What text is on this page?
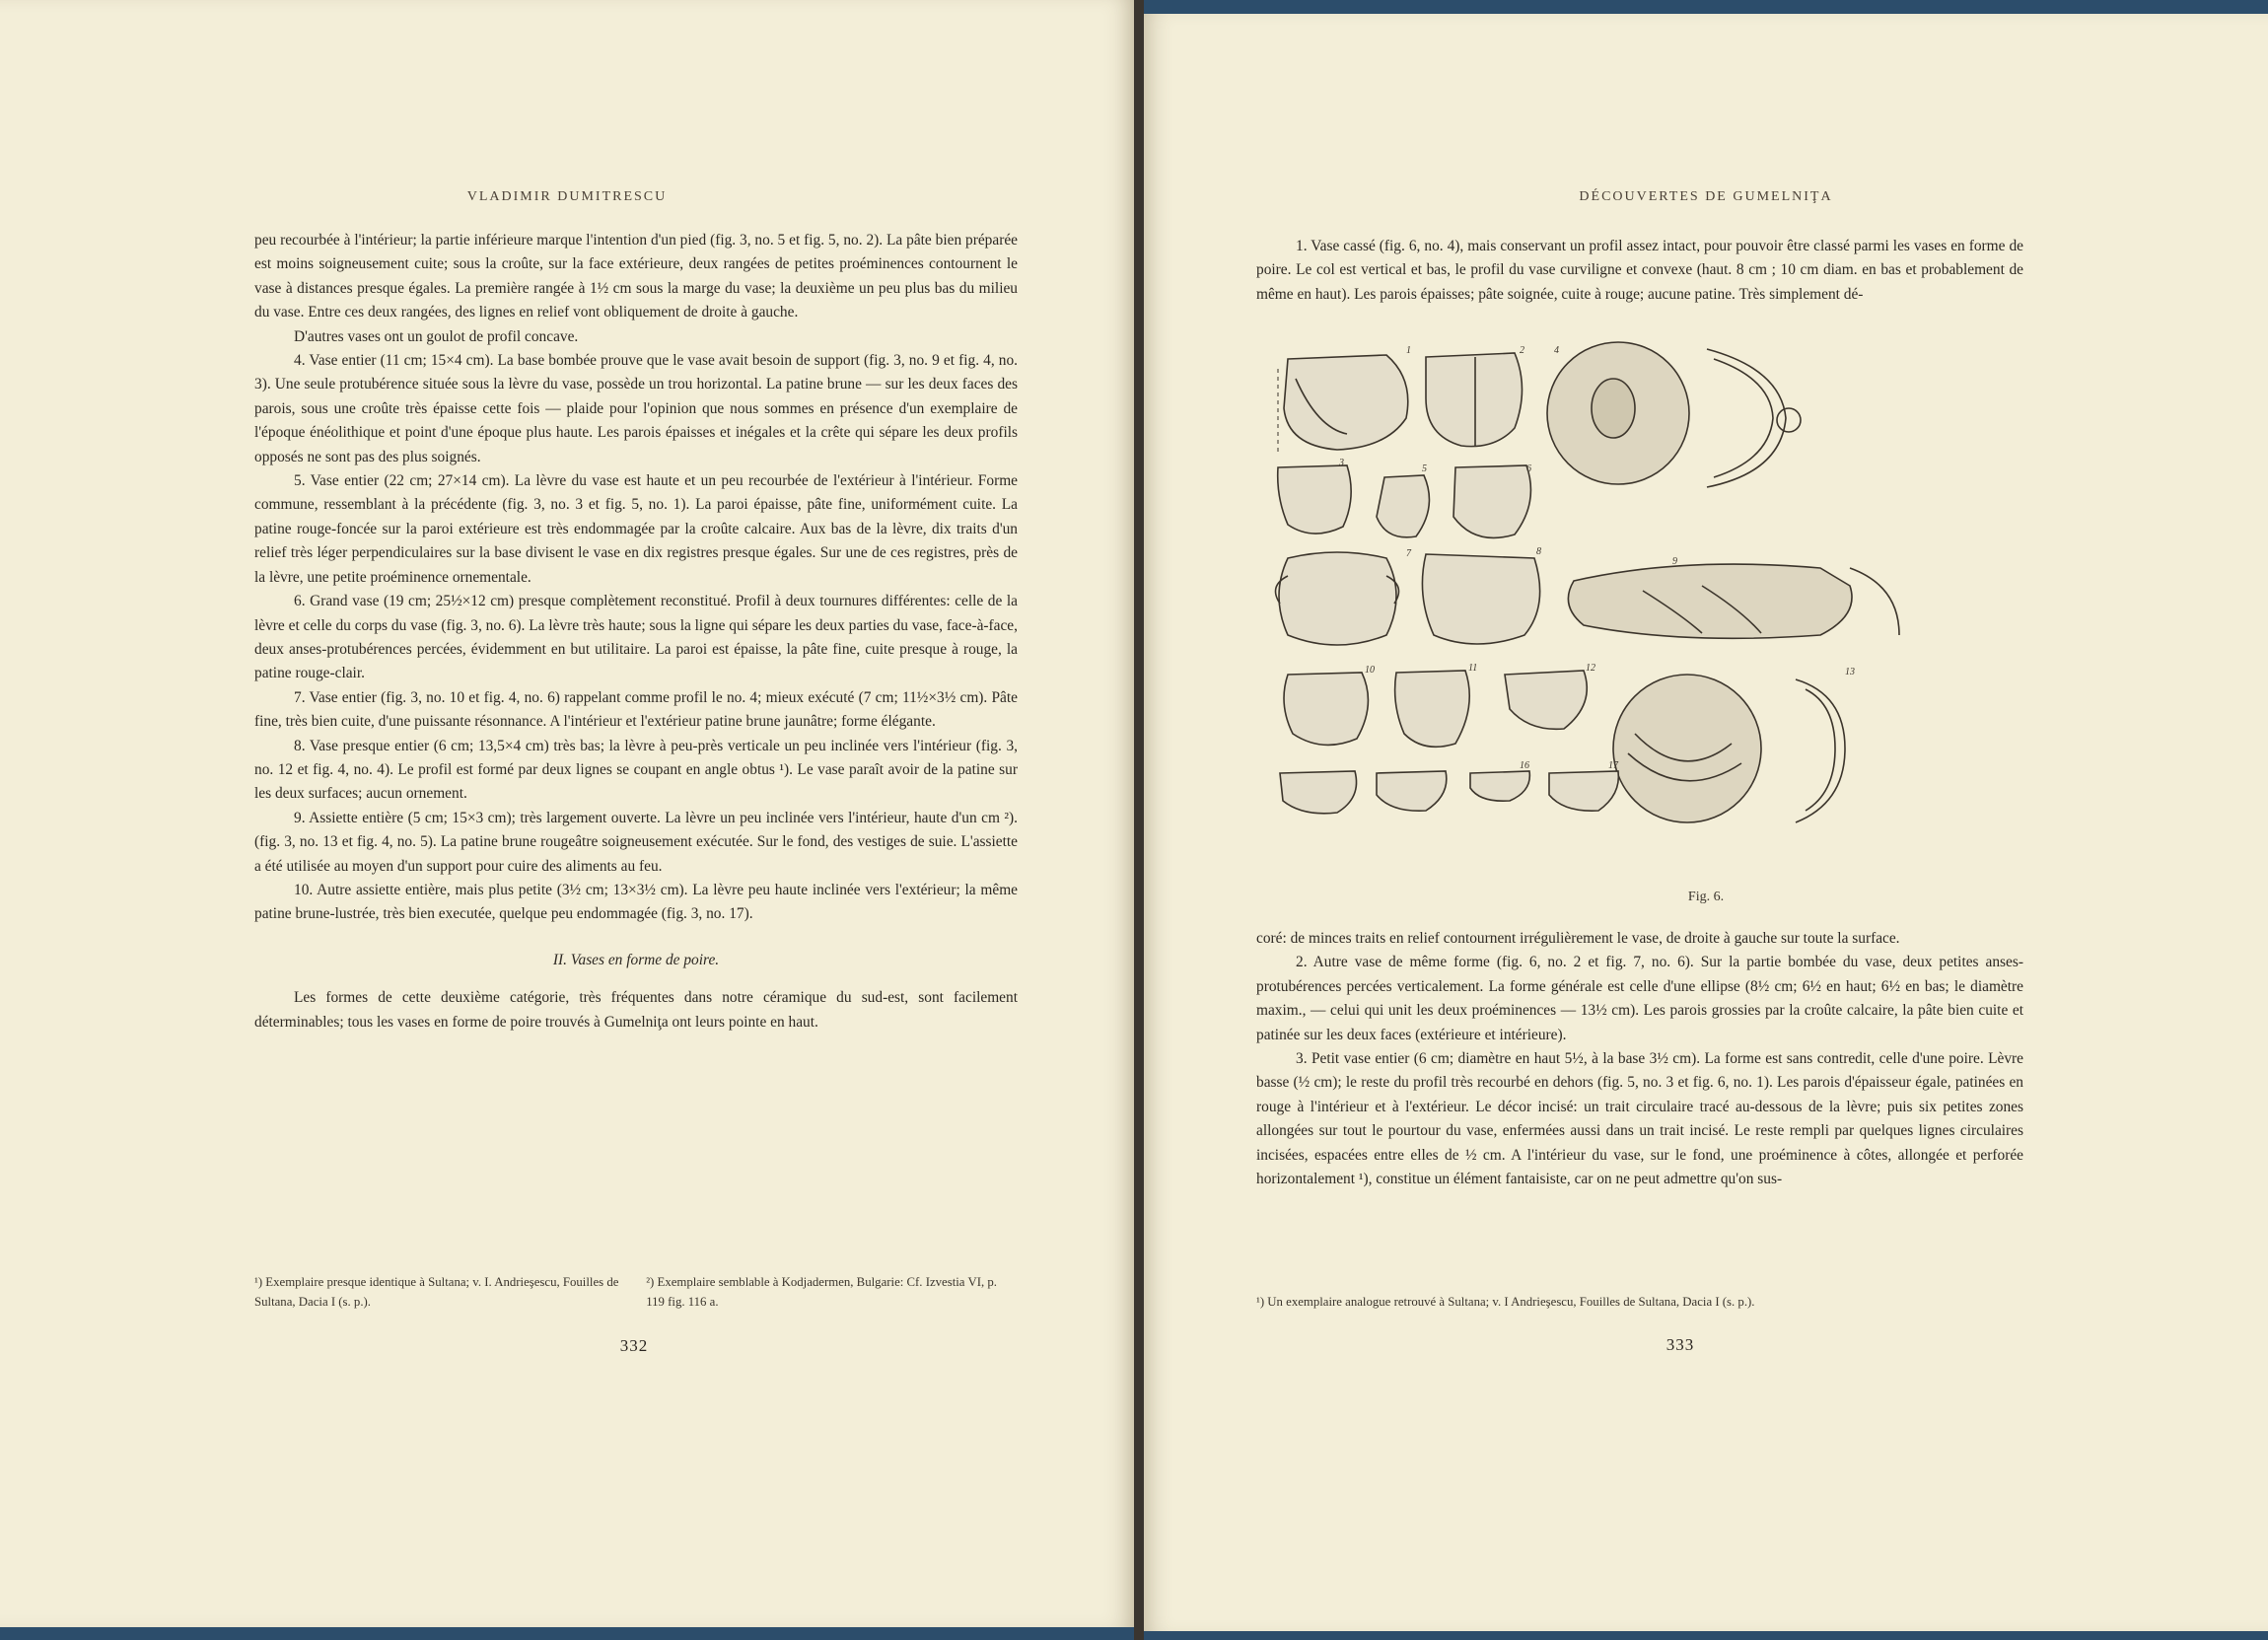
VLADIMIR DUMITRESCU

peu recourbée à l'intérieur; la partie inférieure marque l'intention d'un pied (fig. 3, no. 5 et fig. 5, no. 2). La pâte bien préparée est moins soigneusement cuite; sous la croûte, sur la face extérieure, deux rangées de petites proéminences contournent le vase à distances presque égales. La première rangée à 1½ cm sous la marge du vase; la deuxième un peu plus bas du milieu du vase. Entre ces deux rangées, des lignes en relief vont obliquement de droite à gauche.

D'autres vases ont un goulot de profil concave.

4. Vase entier (11 cm; 15×4 cm). La base bombée prouve que le vase avait besoin de support (fig. 3, no. 9 et fig. 4, no. 3). Une seule protubérence située sous la lèvre du vase, possède un trou horizontal. La patine brune — sur les deux faces des parois, sous une croûte très épaisse cette fois — plaide pour l'opinion que nous sommes en présence d'un exemplaire de l'époque énéolithique et point d'une époque plus haute. Les parois épaisses et inégales et la crête qui sépare les deux profils opposés ne sont pas des plus soignés.

5. Vase entier (22 cm; 27×14 cm). La lèvre du vase est haute et un peu recourbée de l'extérieur à l'intérieur. Forme commune, ressemblant à la précédente (fig. 3, no. 3 et fig. 5, no. 1). La paroi épaisse, pâte fine, uniformément cuite. La patine rouge-foncée sur la paroi extérieure est très endommagée par la croûte calcaire. Aux bas de la lèvre, dix traits d'un relief très léger perpendiculaires sur la base divisent le vase en dix registres presque égales. Sur une de ces registres, près de la lèvre, une petite proéminence ornementale.

6. Grand vase (19 cm; 25½×12 cm) presque complètement reconstitué. Profil à deux tournures différentes: celle de la lèvre et celle du corps du vase (fig. 3, no. 6). La lèvre très haute; sous la ligne qui sépare les deux parties du vase, face-à-face, deux anses-protubérences percées, évidemment en but utilitaire. La paroi est épaisse, la pâte fine, cuite presque à rouge, la patine rouge-clair.

7. Vase entier (fig. 3, no. 10 et fig. 4, no. 6) rappelant comme profil le no. 4; mieux exécuté (7 cm; 11½×3½ cm). Pâte fine, très bien cuite, d'une puissante résonnance. A l'intérieur et l'extérieur patine brune jaunâtre; forme élégante.

8. Vase presque entier (6 cm; 13,5×4 cm) très bas; la lèvre à peu-près verticale un peu inclinée vers l'intérieur (fig. 3, no. 12 et fig. 4, no. 4). Le profil est formé par deux lignes se coupant en angle obtus ¹). Le vase paraît avoir de la patine sur les deux surfaces; aucun ornement.

9. Assiette entière (5 cm; 15×3 cm); très largement ouverte. La lèvre un peu inclinée vers l'intérieur, haute d'un cm ²). (fig. 3, no. 13 et fig. 4, no. 5). La patine brune rougeâtre soigneusement exécutée. Sur le fond, des vestiges de suie. L'assiette a été utilisée au moyen d'un support pour cuire des aliments au feu.

10. Autre assiette entière, mais plus petite (3½ cm; 13×3½ cm). La lèvre peu haute inclinée vers l'extérieur; la même patine brune-lustrée, très bien executée, quelque peu endommagée (fig. 3, no. 17).

II. Vases en forme de poire.

Les formes de cette deuxième catégorie, très fréquentes dans notre céramique du sud-est, sont facilement déterminables; tous les vases en forme de poire trouvés à Gumelniţa ont leurs pointe en haut.

¹) Exemplaire presque identique à Sultana; v. I. Andrieşescu, Fouilles de Sultana, Dacia I (s. p.). ²) Exemplaire semblable à Kodjadermen, Bulgarie: Cf. Izvestia VI, p. 119 fig. 116 a.
332
DÉCOUVERTES DE GUMELNIŢA

1. Vase cassé (fig. 6, no. 4), mais conservant un profil assez intact, pour pouvoir être classé parmi les vases en forme de poire. Le col est vertical et bas, le profil du vase curviligne et convexe (haut. 8 cm ; 10 cm diam. en bas et probablement de même en haut). Les parois épaisses; pâte soignée, cuite à rouge; aucune patine. Très simplement dé-

1	2	4
3
5	6
7	8
9
10	11	12	13
16	17
Fig. 6.

coré: de minces traits en relief contournent irrégulièrement le vase, de droite à gauche sur toute la surface.

2. Autre vase de même forme (fig. 6, no. 2 et fig. 7, no. 6). Sur la partie bombée du vase, deux petites anses-protubérences percées verticalement. La forme générale est celle d'une ellipse (8½ cm; 6½ en haut; 6½ en bas; le diamètre maxim., — celui qui unit les deux proéminences — 13½ cm). Les parois grossies par la croûte calcaire, la pâte bien cuite et patinée sur les deux faces (extérieure et intérieure).

3. Petit vase entier (6 cm; diamètre en haut 5½, à la base 3½ cm). La forme est sans contredit, celle d'une poire. Lèvre basse (½ cm); le reste du profil très recourbé en dehors (fig. 5, no. 3 et fig. 6, no. 1). Les parois d'épaisseur égale, patinées en rouge à l'intérieur et à l'extérieur. Le décor incisé: un trait circulaire tracé au-dessous de la lèvre; puis six petites zones allongées sur tout le pourtour du vase, enfermées aussi dans un trait incisé. Le reste rempli par quelques lignes circulaires incisées, espacées entre elles de ½ cm. A l'intérieur du vase, sur le fond, une proéminence à côtes, allongée et perforée horizontalement ¹), constitue un élément fantaisiste, car on ne peut admettre qu'on sus-

¹) Un exemplaire analogue retrouvé à Sultana; v. I Andrieşescu, Fouilles de Sultana, Dacia I (s. p.).
333
